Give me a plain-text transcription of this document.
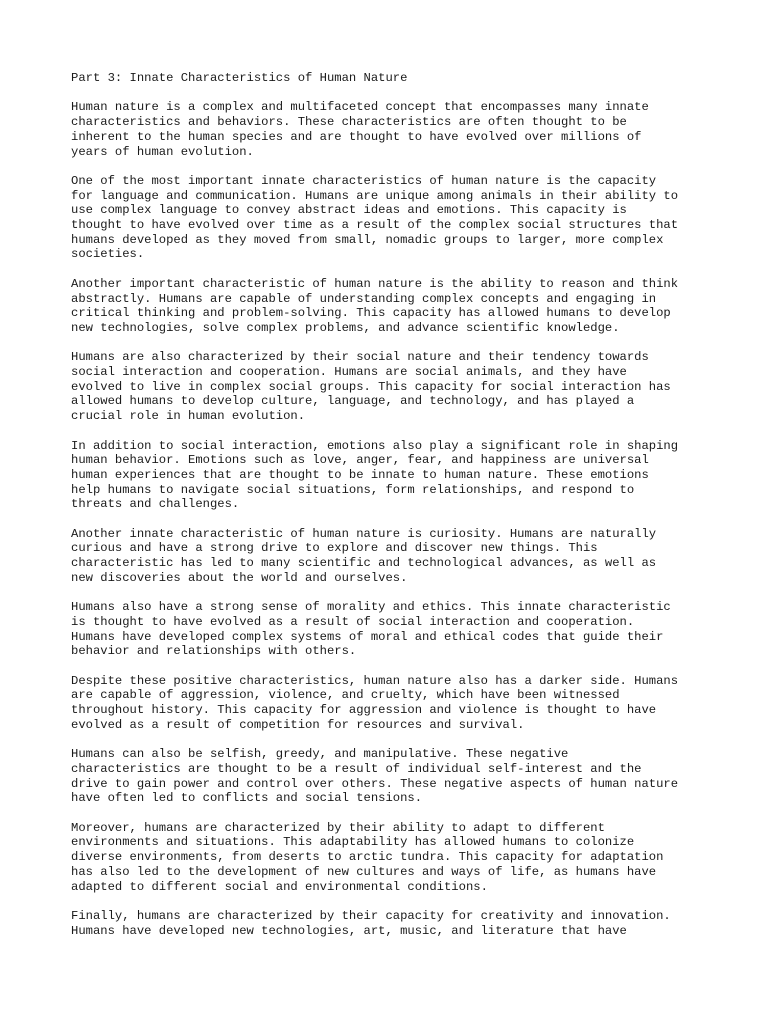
Part 3: Innate Characteristics of Human Nature
Human nature is a complex and multifaceted concept that encompasses many innate
characteristics and behaviors. These characteristics are often thought to be
inherent to the human species and are thought to have evolved over millions of
years of human evolution.
One of the most important innate characteristics of human nature is the capacity
for language and communication. Humans are unique among animals in their ability to
use complex language to convey abstract ideas and emotions. This capacity is
thought to have evolved over time as a result of the complex social structures that
humans developed as they moved from small, nomadic groups to larger, more complex
societies.
Another important characteristic of human nature is the ability to reason and think
abstractly. Humans are capable of understanding complex concepts and engaging in
critical thinking and problem-solving. This capacity has allowed humans to develop
new technologies, solve complex problems, and advance scientific knowledge.
Humans are also characterized by their social nature and their tendency towards
social interaction and cooperation. Humans are social animals, and they have
evolved to live in complex social groups. This capacity for social interaction has
allowed humans to develop culture, language, and technology, and has played a
crucial role in human evolution.
In addition to social interaction, emotions also play a significant role in shaping
human behavior. Emotions such as love, anger, fear, and happiness are universal
human experiences that are thought to be innate to human nature. These emotions
help humans to navigate social situations, form relationships, and respond to
threats and challenges.
Another innate characteristic of human nature is curiosity. Humans are naturally
curious and have a strong drive to explore and discover new things. This
characteristic has led to many scientific and technological advances, as well as
new discoveries about the world and ourselves.
Humans also have a strong sense of morality and ethics. This innate characteristic
is thought to have evolved as a result of social interaction and cooperation.
Humans have developed complex systems of moral and ethical codes that guide their
behavior and relationships with others.
Despite these positive characteristics, human nature also has a darker side. Humans
are capable of aggression, violence, and cruelty, which have been witnessed
throughout history. This capacity for aggression and violence is thought to have
evolved as a result of competition for resources and survival.
Humans can also be selfish, greedy, and manipulative. These negative
characteristics are thought to be a result of individual self-interest and the
drive to gain power and control over others. These negative aspects of human nature
have often led to conflicts and social tensions.
Moreover, humans are characterized by their ability to adapt to different
environments and situations. This adaptability has allowed humans to colonize
diverse environments, from deserts to arctic tundra. This capacity for adaptation
has also led to the development of new cultures and ways of life, as humans have
adapted to different social and environmental conditions.
Finally, humans are characterized by their capacity for creativity and innovation.
Humans have developed new technologies, art, music, and literature that have
